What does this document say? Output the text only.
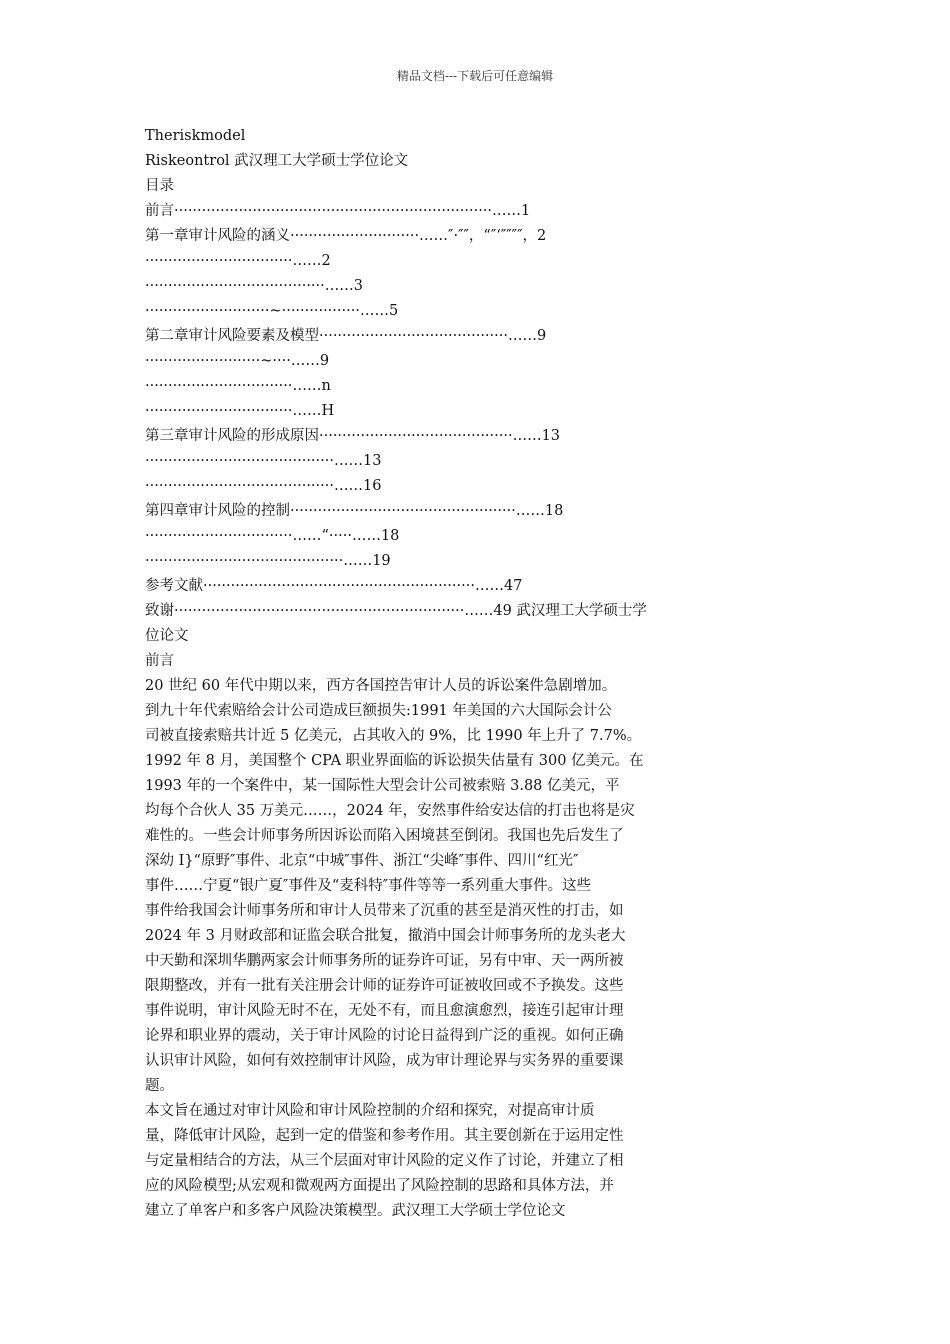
精品文档---下载后可任意编辑
Theriskmodel
Riskeontrol 武汉理工大学硕士学位论文
目录
前言·····································································……1
第一章审计风险的涵义····························……″·″″，“″‘″″″″，2
································……2
·······································……3
···························~·················……5
第二章审计风险要素及模型·········································……9
·························~····……9
································……n
································……H
第三章审计风险的形成原因··········································……13
·········································……13
·········································……16
第四章审计风险的控制·················································……18
································……“·····……18
···········································……19
参考文献···························································……47
致谢·······························································……49 武汉理工大学硕士学
位论文
前言
20 世纪 60 年代中期以来，西方各国控告审计人员的诉讼案件急剧增加。
到九十年代索赔给会计公司造成巨额损失:1991 年美国的六大国际会计公
司被直接索赔共计近 5 亿美元，占其收入的 9%，比 1990 年上升了 7.7%。
1992 年 8 月，美国整个 CPA 职业界面临的诉讼损失估量有 300 亿美元。在
1993 年的一个案件中，某一国际性大型会计公司被索赔 3.88 亿美元，平
均每个合伙人 35 万美元……，2024 年，安然事件给安达信的打击也将是灾
难性的。一些会计师事务所因诉讼而陷入困境甚至倒闭。我国也先后发生了
深幼 I}“原野″事件、北京“中城″事件、浙江“尖峰″事件、四川“红光″
事件……宁夏“银广夏″事件及“麦科特″事件等等一系列重大事件。这些
事件给我国会计师事务所和审计人员带来了沉重的甚至是消灭性的打击，如
2024 年 3 月财政部和证监会联合批复，撤消中国会计师事务所的龙头老大
中天勤和深圳华鹏两家会计师事务所的证券许可证，另有中审、天一两所被
限期整改，并有一批有关注册会计师的证券许可证被收回或不予换发。这些
事件说明，审计风险无时不在，无处不有，而且愈演愈烈，接连引起审计理
论界和职业界的震动，关于审计风险的讨论日益得到广泛的重视。如何正确
认识审计风险，如何有效控制审计风险，成为审计理论界与实务界的重要课
题。
本文旨在通过对审计风险和审计风险控制的介绍和探究，对提高审计质
量，降低审计风险，起到一定的借鉴和参考作用。其主要创新在于运用定性
与定量相结合的方法，从三个层面对审计风险的定义作了讨论，并建立了相
应的风险模型;从宏观和微观两方面提出了风险控制的思路和具体方法，并
建立了单客户和多客户风险决策模型。武汉理工大学硕士学位论文
